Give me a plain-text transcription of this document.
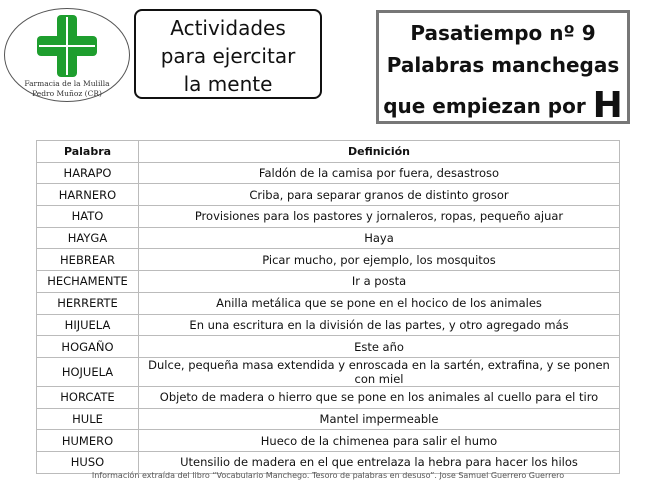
Farmacia de la Mulilla
Pedro Muñoz (CR)
Actividades
para ejercitar
la mente
Pasatiempo nº 9
Palabras manchegas
que empiezan por H
Palabra	Definición
HARAPO	Faldón de la camisa por fuera, desastroso
HARNERO	Criba, para separar granos de distinto grosor
HATO	Provisiones para los pastores y jornaleros, ropas, pequeño ajuar
HAYGA	Haya
HEBREAR	Picar mucho, por ejemplo, los mosquitos
HECHAMENTE	Ir a posta
HERRERTE	Anilla metálica que se pone en el hocico de los animales
HIJUELA	En una escritura en la división de las partes, y otro agregado más
HOGAÑO	Este año
HOJUELA	Dulce, pequeña masa extendida y enroscada en la sartén, extrafina, y se ponen con miel
HORCATE	Objeto de madera o hierro que se pone en los animales al cuello para el tiro
HULE	Mantel impermeable
HUMERO	Hueco de la chimenea para salir el humo
HUSO	Utensilio de madera en el que entrelaza la hebra para hacer los hilos
Información extraída del libro “Vocabulario Manchego. Tesoro de palabras en desuso”. Jose Samuel Guerrero Guerrero
